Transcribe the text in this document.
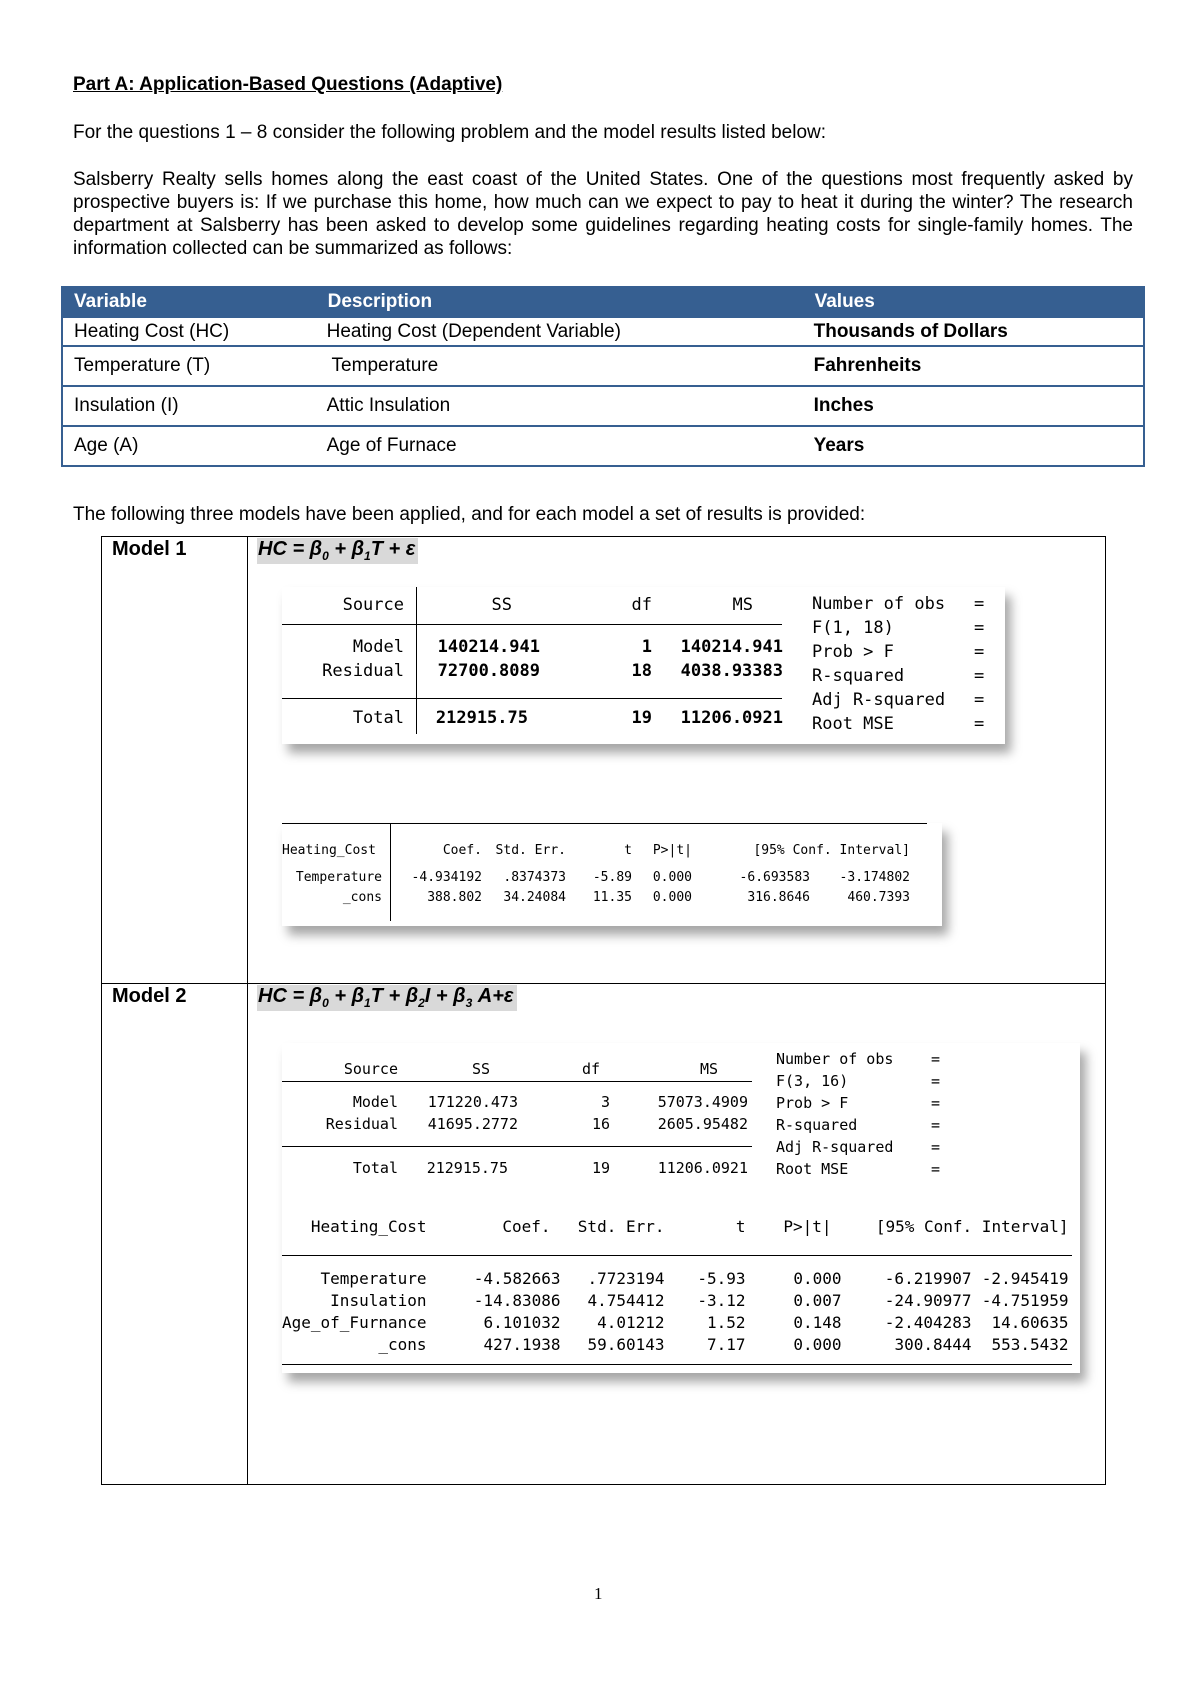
Part A: Application-Based Questions (Adaptive)
For the questions 1 – 8 consider the following problem and the model results listed below:
Salsberry Realty sells homes along the east coast of the United States. One of the questions most frequently asked by prospective buyers is: If we purchase this home, how much can we expect to pay to heat it during the winter? The research department at Salsberry has been asked to develop some guidelines regarding heating costs for single-family homes. The information collected can be summarized as follows:
Variable	Description	Values
Heating Cost (HC)	Heating Cost (Dependent Variable)	Thousands of Dollars
Temperature (T)	Temperature	Fahrenheits
Insulation (I)	Attic Insulation	Inches
Age (A)	Age of Furnace	Years
The following three models have been applied, and for each model a set of results is provided:
Model 1	HC = $\beta_0 + \beta_1T + \varepsilon$
Source		SS	df	MS

Model		140214.941	1	140214.941
Residual		72700.8089	18	4038.93383

Total		212915.75	19	11206.0921
Number of obs	=
F(1, 18)	=
Prob > F	=
R-squared	=
Adj R-squared	=
Root MSE	=
Heating_Cost		Coef.	Std. Err.	t	P>|t|	[95% Conf. Interval]	
Temperature		-4.934192	.8374373	-5.89	0.000	-6.693583	-3.174802
_cons		388.802	34.24084	11.35	0.000	316.8646	460.7393
Model 2	HC = $\beta_0 + \beta_1T + \beta_2I + \beta_3$ A+ε
Source	SS	df	MS
Model	171220.473	3	57073.4909
Residual	41695.2772	16	2605.95482

Total	212915.75	19	11206.0921
Number of obs	=
F(3, 16)	=
Prob > F	=
R-squared	=
Adj R-squared	=
Root MSE	=
Heating_Cost	Coef.	Std. Err.	t	P>|t|	[95% Conf. Interval]	
Temperature	-4.582663	.7723194	-5.93	0.000	-6.219907	-2.945419
Insulation	-14.83086	4.754412	-3.12	0.007	-24.90977	-4.751959
Age_of_Furnance	6.101032	4.01212	1.52	0.148	-2.404283	14.60635
_cons	427.1938	59.60143	7.17	0.000	300.8444	553.5432
1
